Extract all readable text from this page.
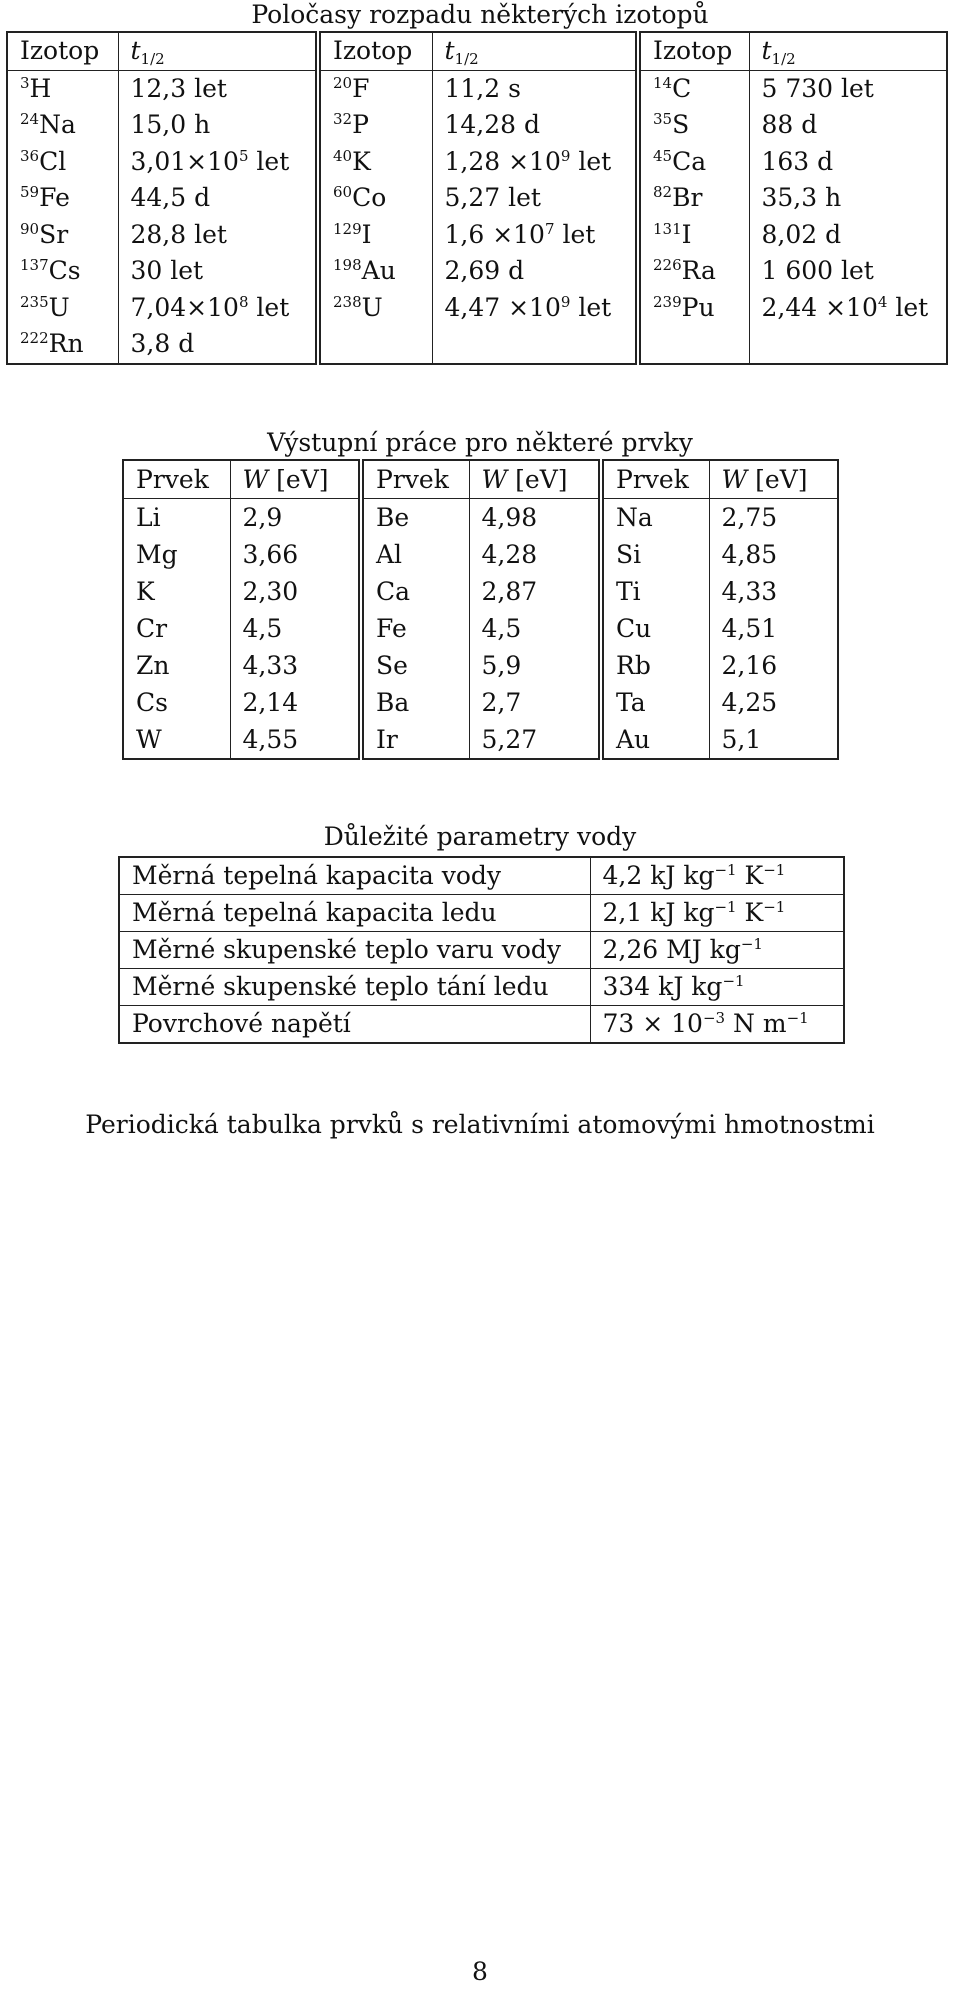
Poločasy rozpadu některých izotopů
Izotop	$t_{1/2}$	Izotop	$t_{1/2}$	Izotop	$t_{1/2}$
$^3$H	12,3 let	$^{20}$F	11,2 s	$^{14}$C	5 730 let
$^{24}$Na	15,0 h	$^{32}$P	14,28 d	$^{35}$S	88 d
$^{36}$Cl	$3,01\times 10^5$ let	$^{40}$K	$1,28 \times 10^9$ let	$^{45}$Ca	163 d
$^{59}$Fe	44,5 d	$^{60}$Co	5,27 let	$^{82}$Br	35,3 h
$^{90}$Sr	28,8 let	$^{129}$I	$1,6 \times 10^7$ let	$^{131}$I	8,02 d
$^{137}$Cs	30 let	$^{198}$Au	2,69 d	$^{226}$Ra	1 600 let
$^{235}$U	$7,04\times 10^8$ let	$^{238}$U	$4,47 \times 10^9$ let	$^{239}$Pu	$2,44 \times 10^4$ let
$^{222}$Rn	3,8 d				
Výstupní práce pro některé prvky
Prvek	W [eV]	Prvek	W [eV]	Prvek	W [eV]
Li	2,9	Be	4,98	Na	2,75
Mg	3,66	Al	4,28	Si	4,85
K	2,30	Ca	2,87	Ti	4,33
Cr	4,5	Fe	4,5	Cu	4,51
Zn	4,33	Se	5,9	Rb	2,16
Cs	2,14	Ba	2,7	Ta	4,25
W	4,55	Ir	5,27	Au	5,1
Důležité parametry vody
Měrná tepelná kapacita vody	4,2 kJ $kg^{-1}$ $K^{-1}$
Měrná tepelná kapacita ledu	2,1 kJ $kg^{-1}$ $K^{-1}$
Měrné skupenské teplo varu vody	2,26 MJ $kg^{-1}$
Měrné skupenské teplo tání ledu	334 kJ $kg^{-1}$
Povrchové napětí	$73 \times 10^{-3}$ N $m^{-1}$
Periodická tabulka prvků s relativními atomovými hmotnostmi
8
